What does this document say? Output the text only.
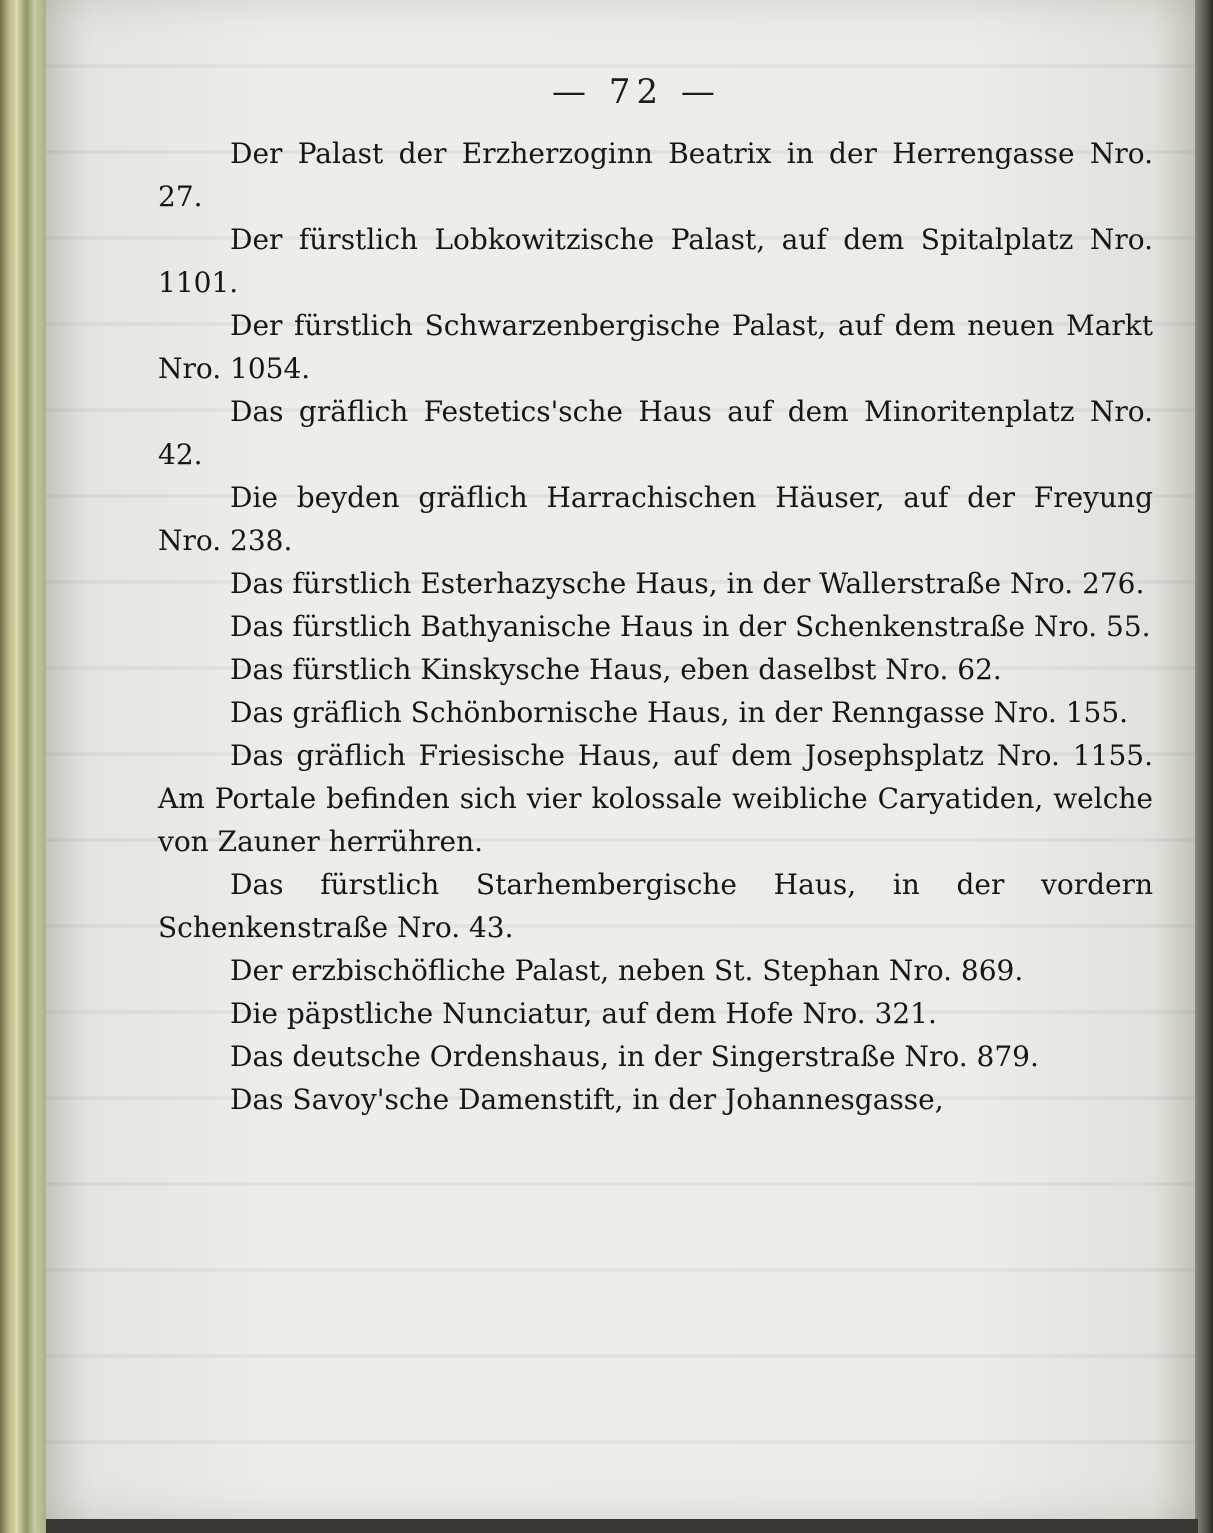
— 72 —

Der Palast der Erzherzoginn Beatrix in der Herrengasse Nro. 27.

Der fürstlich Lobkowitzische Palast, auf dem Spitalplatz Nro. 1101.

Der fürstlich Schwarzenbergische Palast, auf dem neuen Markt Nro. 1054.

Das gräflich Festetics'sche Haus auf dem Minoritenplatz Nro. 42.

Die beyden gräflich Harrachischen Häuser, auf der Freyung Nro. 238.

Das fürstlich Esterhazysche Haus, in der Wallerstraße Nro. 276.

Das fürstlich Bathyanische Haus in der Schenkenstraße Nro. 55.

Das fürstlich Kinskysche Haus, eben daselbst Nro. 62.

Das gräflich Schönbornische Haus, in der Renngasse Nro. 155.

Das gräflich Friesische Haus, auf dem Josephsplatz Nro. 1155. Am Portale befinden sich vier kolossale weibliche Caryatiden, welche von Zauner herrühren.

Das fürstlich Starhembergische Haus, in der vordern Schenkenstraße Nro. 43.

Der erzbischöfliche Palast, neben St. Stephan Nro. 869.

Die päpstliche Nunciatur, auf dem Hofe Nro. 321.

Das deutsche Ordenshaus, in der Singerstraße Nro. 879.

Das Savoy'sche Damenstift, in der Johannesgasse,
